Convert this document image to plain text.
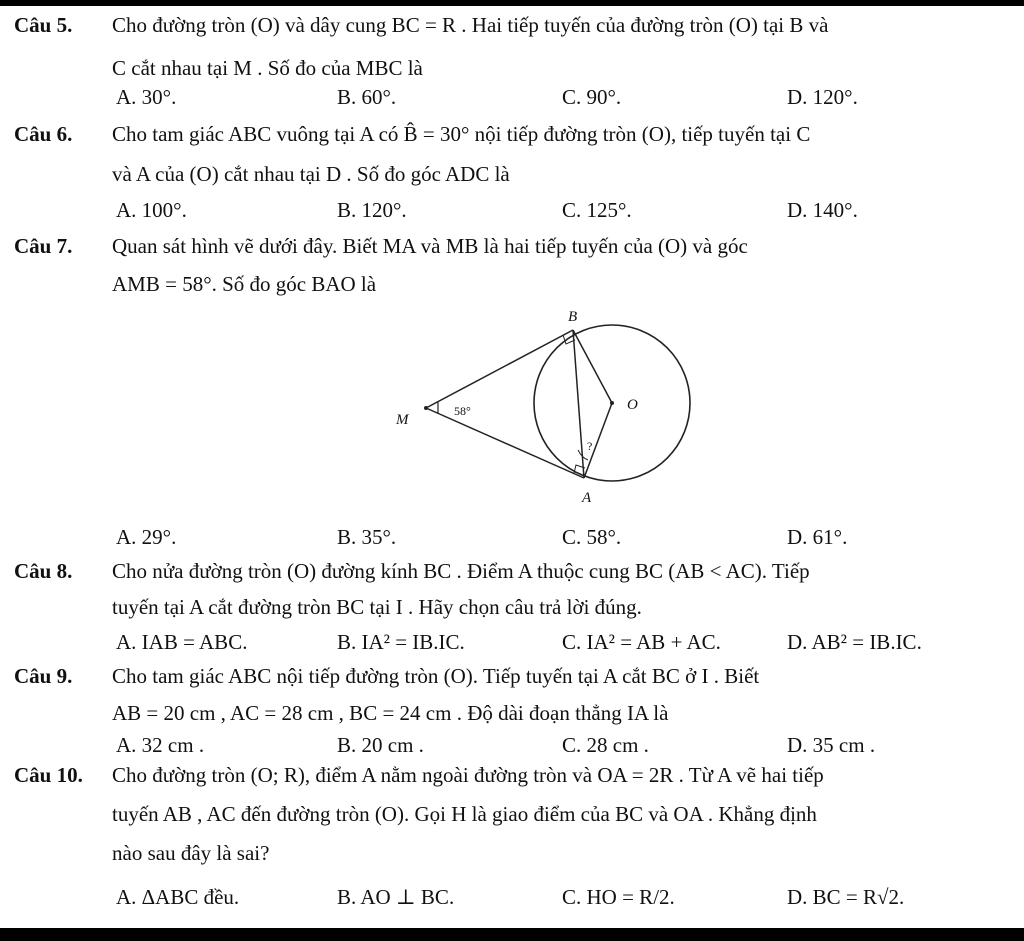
Câu 5. Cho đường tròn (O) và dây cung BC = R . Hai tiếp tuyến của đường tròn (O) tại B và
C cắt nhau tại M . Số đo của MBC là
A. 30°.	B. 60°.	C. 90°.	D. 120°.
Câu 6. Cho tam giác ABC vuông tại A có B̂ = 30° nội tiếp đường tròn (O), tiếp tuyến tại C
và A của (O) cắt nhau tại D . Số đo góc ADC là
A. 100°.	B. 120°.	C. 125°.	D. 140°.
Câu 7. Quan sát hình vẽ dưới đây. Biết MA và MB là hai tiếp tuyến của (O) và góc
AMB = 58°. Số đo góc BAO là
B
M
O
A
58°
?
A. 29°.	B. 35°.	C. 58°.	D. 61°.
Câu 8. Cho nửa đường tròn (O) đường kính BC . Điểm A thuộc cung BC (AB < AC). Tiếp
tuyến tại A cắt đường tròn BC tại I . Hãy chọn câu trả lời đúng.
A. IAB = ABC.	B. IA² = IB.IC.	C. IA² = AB + AC.	D. AB² = IB.IC.
Câu 9. Cho tam giác ABC nội tiếp đường tròn (O). Tiếp tuyến tại A cắt BC ở I . Biết
AB = 20 cm , AC = 28 cm , BC = 24 cm . Độ dài đoạn thẳng IA là
A. 32 cm .	B. 20 cm .	C. 28 cm .	D. 35 cm .
Câu 10. Cho đường tròn (O; R), điểm A nằm ngoài đường tròn và OA = 2R . Từ A vẽ hai tiếp
tuyến AB , AC đến đường tròn (O). Gọi H là giao điểm của BC và OA . Khẳng định
nào sau đây là sai?
A. ΔABC đều.	B. AO ⊥ BC.	C. HO = R/2.	D. BC = R√2.
